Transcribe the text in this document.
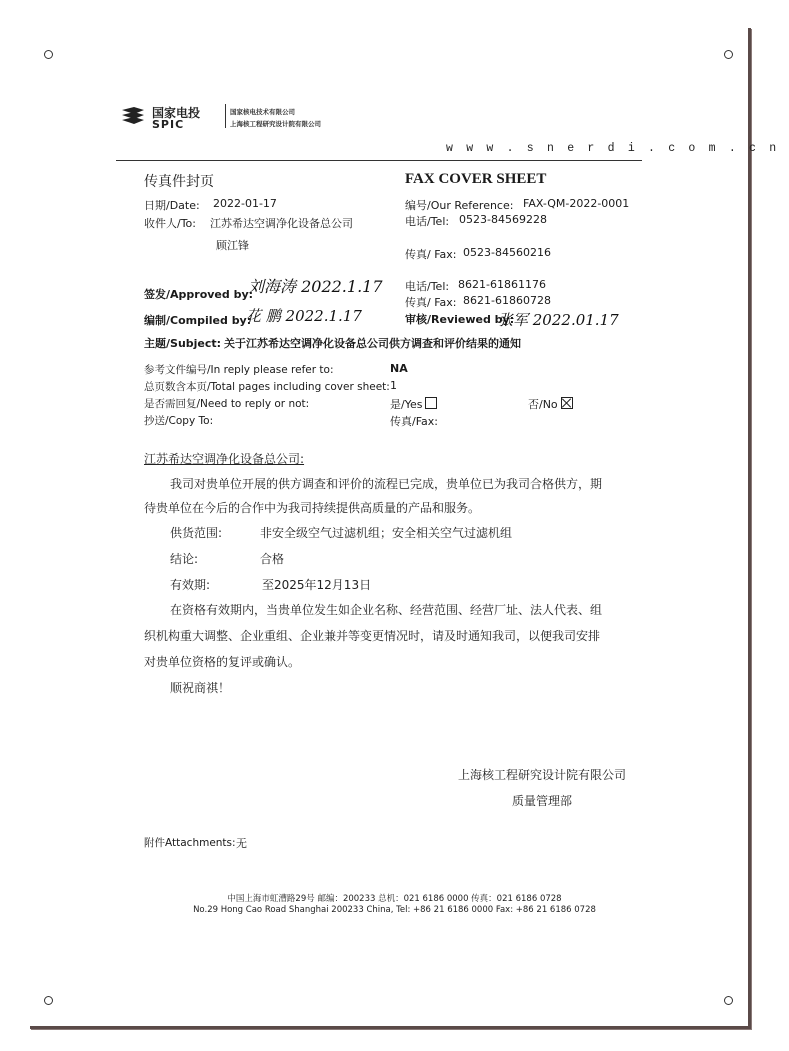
国家电投
SPIC
国家核电技术有限公司
上海核工程研究设计院有限公司
w w w . s n e r d i . c o m . c n
传真件封页	FAX COVER SHEET
日期/Date: 2022-01-17
收件人/To: 江苏希达空调净化设备总公司
顾江锋
签发/Approved by:
刘海涛 2022.1.17
编制/Compiled by:
花 鹏 2022.1.17
编号/Our Reference: FAX-QM-2022-0001
电话/Tel: 0523-84569228
传真/ Fax: 0523-84560216
电话/Tel: 8621-61861176
传真/ Fax: 8621-61860728
审核/Reviewed by:
张军 2022.01.17
主题/Subject: 关于江苏希达空调净化设备总公司供方调查和评价结果的通知
参考文件编号/In reply please refer to:	NA
总页数含本页/Total pages including cover sheet: 1
是否需回复/Need to reply or not:	是/Yes	否/No
抄送/Copy To:	传真/Fax:
江苏希达空调净化设备总公司:
我司对贵单位开展的供方调查和评价的流程已完成，贵单位已为我司合格供方，期
待贵单位在今后的合作中为我司持续提供高质量的产品和服务。
供货范围:	非安全级空气过滤机组；安全相关空气过滤机组
结论:	合格
有效期:	至2025年12月13日
在资格有效期内，当贵单位发生如企业名称、经营范围、经营厂址、法人代表、组
织机构重大调整、企业重组、企业兼并等变更情况时，请及时通知我司，以便我司安排
对贵单位资格的复评或确认。
顺祝商祺！
上海核工程研究设计院有限公司
质量管理部
附件Attachments: 无
中国上海市虹漕路29号 邮编：200233 总机：021 6186 0000 传真：021 6186 0728
No.29 Hong Cao Road Shanghai 200233 China, Tel: +86 21 6186 0000 Fax: +86 21 6186 0728
